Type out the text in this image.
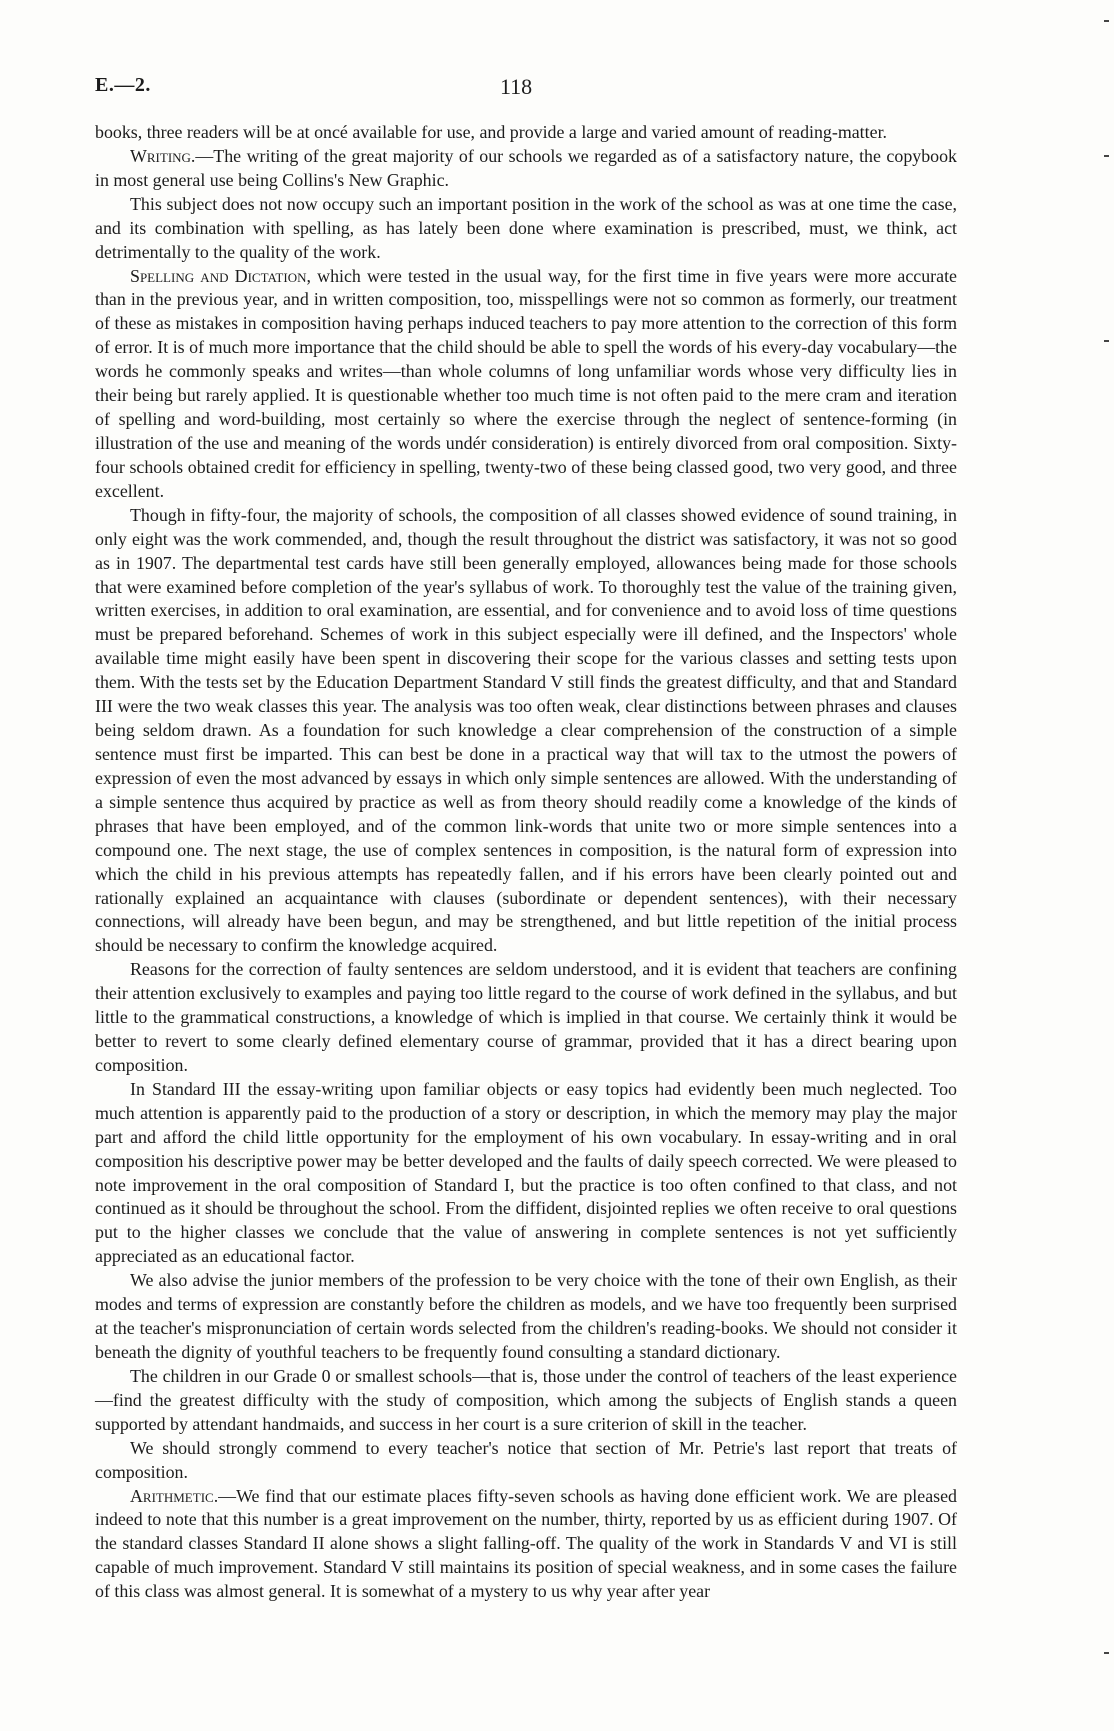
E.—2.	118

books, three readers will be at oncé available for use, and provide a large and varied amount of reading-matter.

Writing.—The writing of the great majority of our schools we regarded as of a satisfactory nature, the copybook in most general use being Collins's New Graphic.

This subject does not now occupy such an important position in the work of the school as was at one time the case, and its combination with spelling, as has lately been done where examination is prescribed, must, we think, act detrimentally to the quality of the work.

Spelling and Dictation, which were tested in the usual way, for the first time in five years were more accurate than in the previous year, and in written composition, too, misspellings were not so common as formerly, our treatment of these as mistakes in composition having perhaps induced teachers to pay more attention to the correction of this form of error. It is of much more importance that the child should be able to spell the words of his every-day vocabulary—the words he commonly speaks and writes—than whole columns of long unfamiliar words whose very difficulty lies in their being but rarely applied. It is questionable whether too much time is not often paid to the mere cram and iteration of spelling and word-building, most certainly so where the exercise through the neglect of sentence-forming (in illustration of the use and meaning of the words undér consideration) is entirely divorced from oral composition. Sixty-four schools obtained credit for efficiency in spelling, twenty-two of these being classed good, two very good, and three excellent.

Though in fifty-four, the majority of schools, the composition of all classes showed evidence of sound training, in only eight was the work commended, and, though the result throughout the district was satisfactory, it was not so good as in 1907. The departmental test cards have still been generally employed, allowances being made for those schools that were examined before completion of the year's syllabus of work. To thoroughly test the value of the training given, written exercises, in addition to oral examination, are essential, and for convenience and to avoid loss of time questions must be prepared beforehand. Schemes of work in this subject especially were ill defined, and the Inspectors' whole available time might easily have been spent in discovering their scope for the various classes and setting tests upon them. With the tests set by the Education Department Standard V still finds the greatest difficulty, and that and Standard III were the two weak classes this year. The analysis was too often weak, clear distinctions between phrases and clauses being seldom drawn. As a foundation for such knowledge a clear comprehension of the construction of a simple sentence must first be imparted. This can best be done in a practical way that will tax to the utmost the powers of expression of even the most advanced by essays in which only simple sentences are allowed. With the understanding of a simple sentence thus acquired by practice as well as from theory should readily come a knowledge of the kinds of phrases that have been employed, and of the common link-words that unite two or more simple sentences into a compound one. The next stage, the use of complex sentences in composition, is the natural form of expression into which the child in his previous attempts has repeatedly fallen, and if his errors have been clearly pointed out and rationally explained an acquaintance with clauses (subordinate or dependent sentences), with their necessary connections, will already have been begun, and may be strengthened, and but little repetition of the initial process should be necessary to confirm the knowledge acquired.

Reasons for the correction of faulty sentences are seldom understood, and it is evident that teachers are confining their attention exclusively to examples and paying too little regard to the course of work defined in the syllabus, and but little to the grammatical constructions, a knowledge of which is implied in that course. We certainly think it would be better to revert to some clearly defined elementary course of grammar, provided that it has a direct bearing upon composition.

In Standard III the essay-writing upon familiar objects or easy topics had evidently been much neglected. Too much attention is apparently paid to the production of a story or description, in which the memory may play the major part and afford the child little opportunity for the employment of his own vocabulary. In essay-writing and in oral composition his descriptive power may be better developed and the faults of daily speech corrected. We were pleased to note improvement in the oral composition of Standard I, but the practice is too often confined to that class, and not continued as it should be throughout the school. From the diffident, disjointed replies we often receive to oral questions put to the higher classes we conclude that the value of answering in complete sentences is not yet sufficiently appreciated as an educational factor.

We also advise the junior members of the profession to be very choice with the tone of their own English, as their modes and terms of expression are constantly before the children as models, and we have too frequently been surprised at the teacher's mispronunciation of certain words selected from the children's reading-books. We should not consider it beneath the dignity of youthful teachers to be frequently found consulting a standard dictionary.

The children in our Grade 0 or smallest schools—that is, those under the control of teachers of the least experience—find the greatest difficulty with the study of composition, which among the subjects of English stands a queen supported by attendant handmaids, and success in her court is a sure criterion of skill in the teacher.

We should strongly commend to every teacher's notice that section of Mr. Petrie's last report that treats of composition.

Arithmetic.—We find that our estimate places fifty-seven schools as having done efficient work. We are pleased indeed to note that this number is a great improvement on the number, thirty, reported by us as efficient during 1907. Of the standard classes Standard II alone shows a slight falling-off. The quality of the work in Standards V and VI is still capable of much improvement. Standard V still maintains its position of special weakness, and in some cases the failure of this class was almost general. It is somewhat of a mystery to us why year after year
